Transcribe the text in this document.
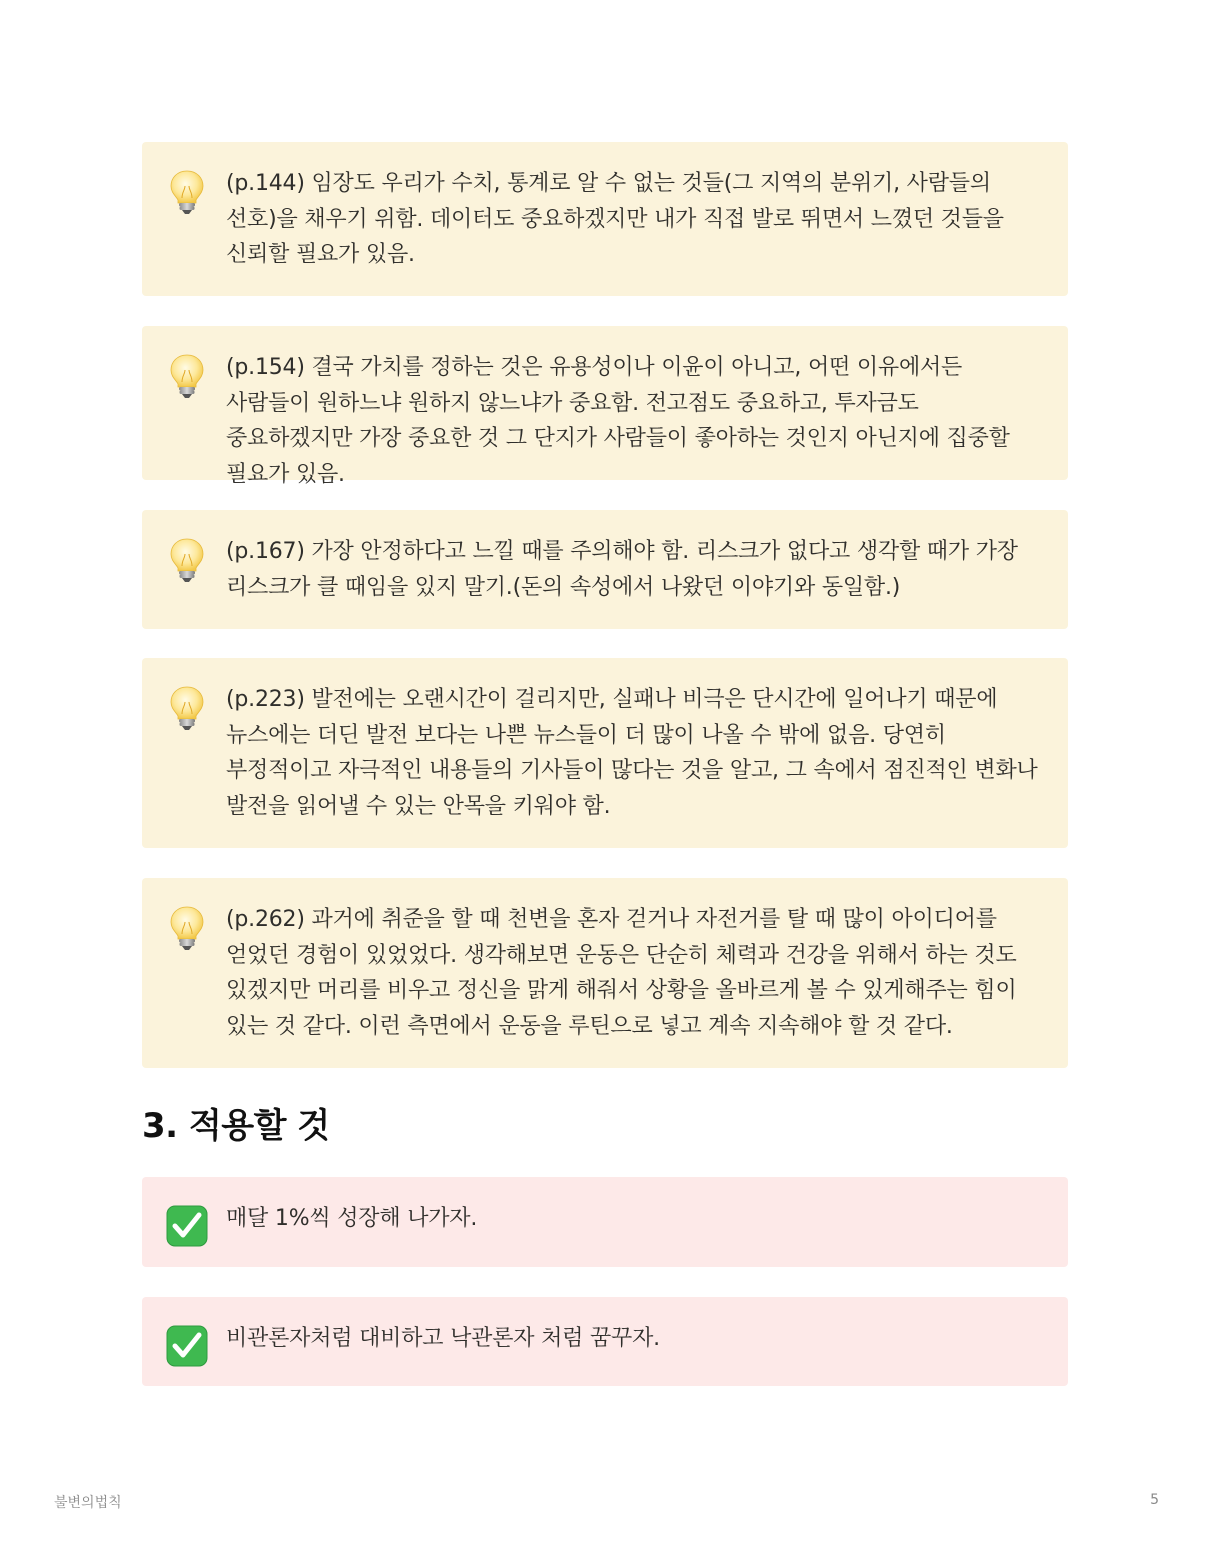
(p.144) 임장도 우리가 수치, 통계로 알 수 없는 것들(그 지역의 분위기, 사람들의 선호)을 채우기 위함. 데이터도 중요하겠지만 내가 직접 발로 뛰면서 느꼈던 것들을 신뢰할 필요가 있음.
(p.154) 결국 가치를 정하는 것은 유용성이나 이윤이 아니고, 어떤 이유에서든 사람들이 원하느냐 원하지 않느냐가 중요함. 전고점도 중요하고, 투자금도 중요하겠지만 가장 중요한 것 그 단지가 사람들이 좋아하는 것인지 아닌지에 집중할 필요가 있음.
(p.167) 가장 안정하다고 느낄 때를 주의해야 함. 리스크가 없다고 생각할 때가 가장 리스크가 클 때임을 있지 말기.(돈의 속성에서 나왔던 이야기와 동일함.)
(p.223) 발전에는 오랜시간이 걸리지만, 실패나 비극은 단시간에 일어나기 때문에 뉴스에는 더딘 발전 보다는 나쁜 뉴스들이 더 많이 나올 수 밖에 없음. 당연히 부정적이고 자극적인 내용들의 기사들이 많다는 것을 알고, 그 속에서 점진적인 변화나 발전을 읽어낼 수 있는 안목을 키워야 함.
(p.262) 과거에 취준을 할 때 천변을 혼자 걷거나 자전거를 탈 때 많이 아이디어를 얻었던 경험이 있었었다. 생각해보면 운동은 단순히 체력과 건강을 위해서 하는 것도 있겠지만 머리를 비우고 정신을 맑게 해줘서 상황을 올바르게 볼 수 있게해주는 힘이 있는 것 같다. 이런 측면에서 운동을 루틴으로 넣고 계속 지속해야 할 것 같다.
3. 적용할 것
매달 1%씩 성장해 나가자.
비관론자처럼 대비하고 낙관론자 처럼 꿈꾸자.
불변의법칙	5
